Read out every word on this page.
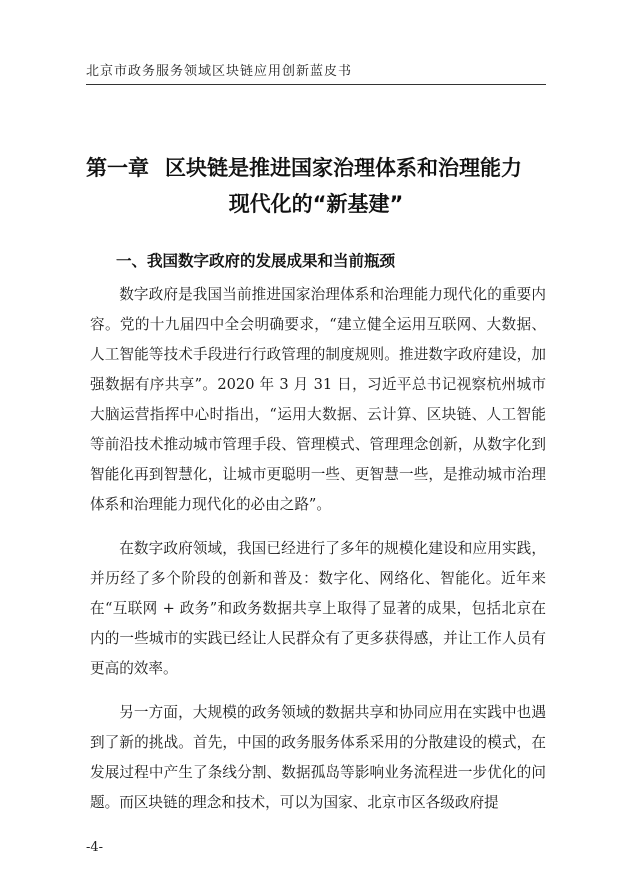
北京市政务服务领域区块链应用创新蓝皮书
第一章 区块链是推进国家治理体系和治理能力
现代化的“新基建”
一、我国数字政府的发展成果和当前瓶颈

数字政府是我国当前推进国家治理体系和治理能力现代化的重要内容。党的十九届四中全会明确要求，“建立健全运用互联网、大数据、人工智能等技术手段进行行政管理的制度规则。推进数字政府建设，加强数据有序共享”。2020 年 3 月 31 日，习近平总书记视察杭州城市大脑运营指挥中心时指出，“运用大数据、云计算、区块链、人工智能等前沿技术推动城市管理手段、管理模式、管理理念创新，从数字化到智能化再到智慧化，让城市更聪明一些、更智慧一些，是推动城市治理体系和治理能力现代化的必由之路”。

在数字政府领域，我国已经进行了多年的规模化建设和应用实践，并历经了多个阶段的创新和普及：数字化、网络化、智能化。近年来在“互联网 + 政务”和政务数据共享上取得了显著的成果，包括北京在内的一些城市的实践已经让人民群众有了更多获得感，并让工作人员有更高的效率。

另一方面，大规模的政务领域的数据共享和协同应用在实践中也遇到了新的挑战。首先，中国的政务服务体系采用的分散建设的模式，在发展过程中产生了条线分割、数据孤岛等影响业务流程进一步优化的问题。而区块链的理念和技术，可以为国家、北京市区各级政府提

-4-
